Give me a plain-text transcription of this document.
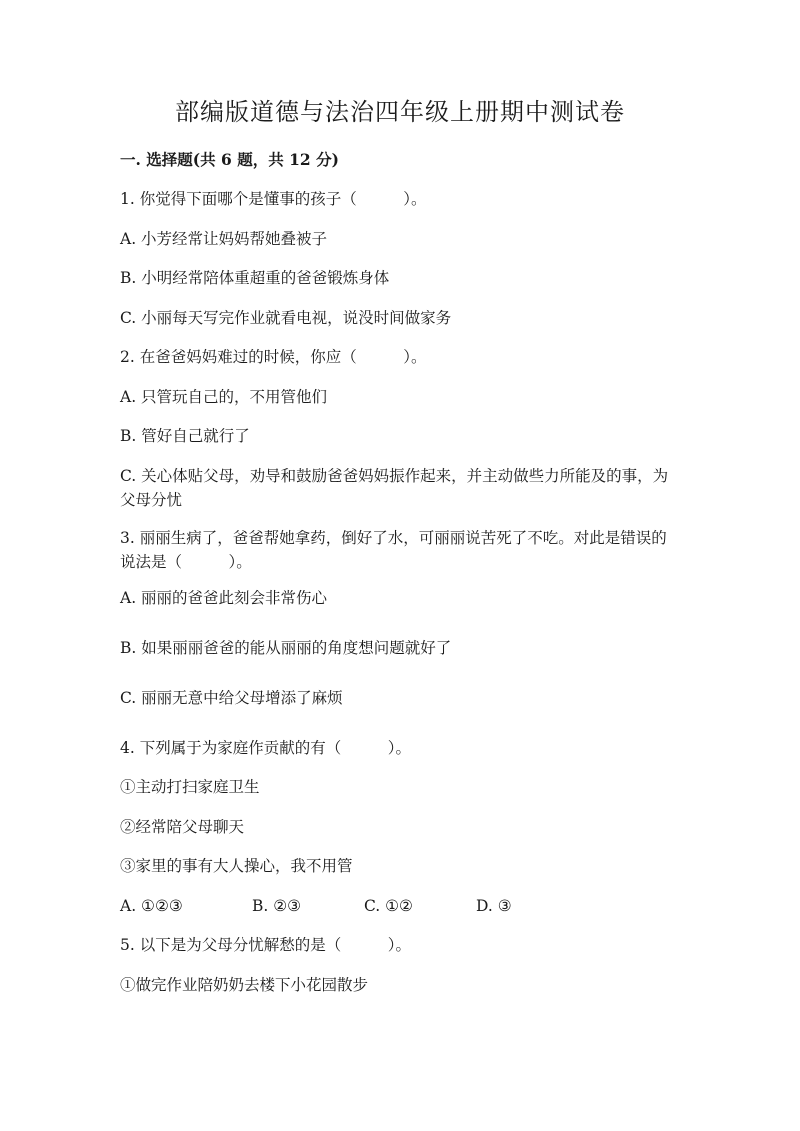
部编版道德与法治四年级上册期中测试卷
一. 选择题(共 6 题，共 12 分)
1. 你觉得下面哪个是懂事的孩子（　　　）。
A. 小芳经常让妈妈帮她叠被子
B. 小明经常陪体重超重的爸爸锻炼身体
C. 小丽每天写完作业就看电视，说没时间做家务
2. 在爸爸妈妈难过的时候，你应（　　　）。
A. 只管玩自己的，不用管他们
B. 管好自己就行了
C. 关心体贴父母，劝导和鼓励爸爸妈妈振作起来，并主动做些力所能及的事，为父母分忧
3. 丽丽生病了，爸爸帮她拿药，倒好了水，可丽丽说苦死了不吃。对此是错误的说法是（　　　）。
A. 丽丽的爸爸此刻会非常伤心
B. 如果丽丽爸爸的能从丽丽的角度想问题就好了
C. 丽丽无意中给父母增添了麻烦
4. 下列属于为家庭作贡献的有（　　　）。
①主动打扫家庭卫生
②经常陪父母聊天
③家里的事有大人操心，我不用管
A. ①②③	B. ②③	C. ①②	D. ③
5. 以下是为父母分忧解愁的是（　　　）。
①做完作业陪奶奶去楼下小花园散步
